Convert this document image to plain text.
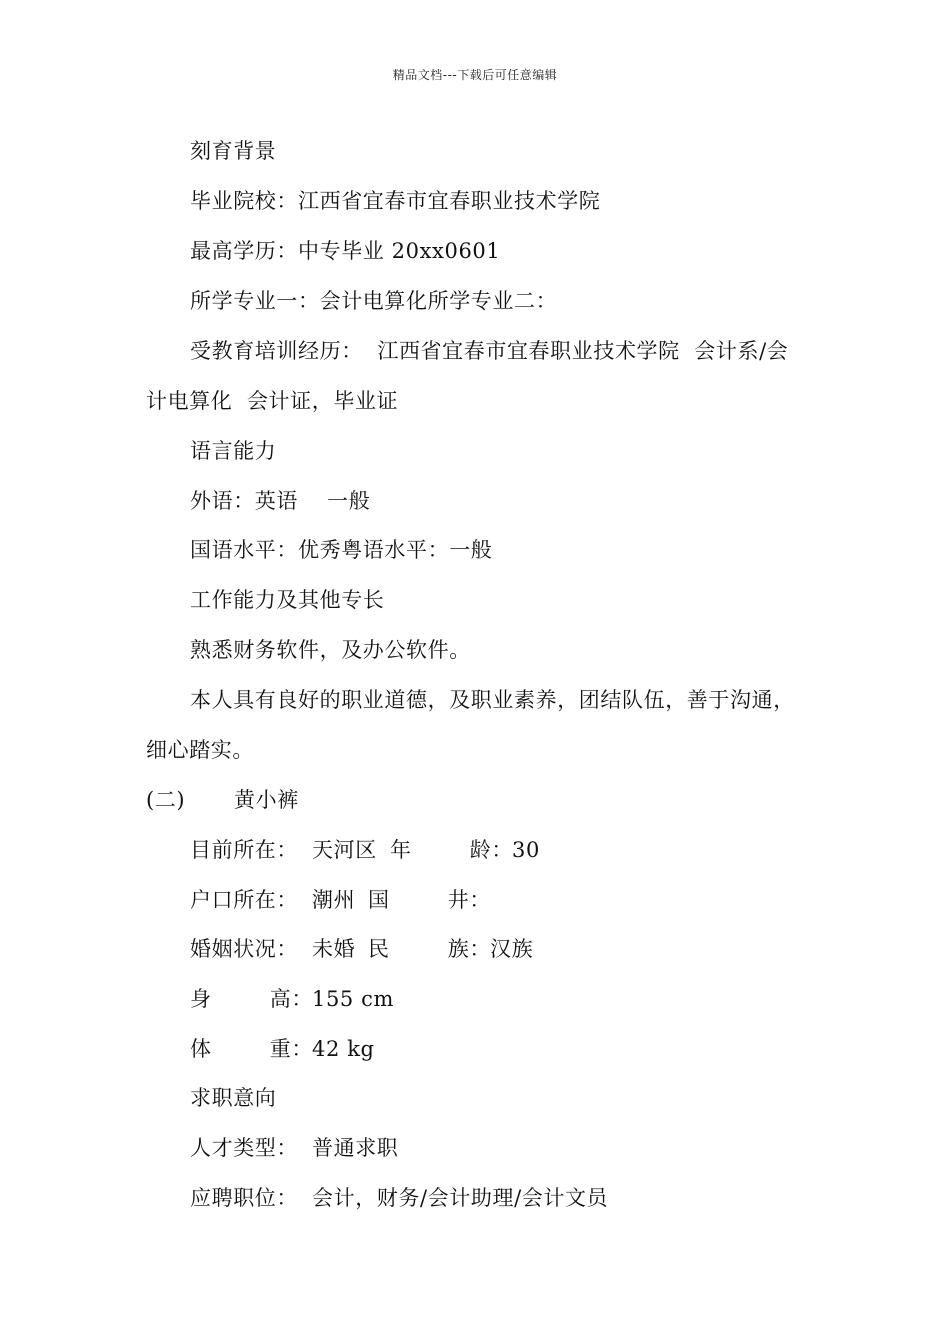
精品文档---下载后可任意编辑
刻育背景
毕业院校：江西省宜春市宜春职业技术学院
最高学历：中专毕业 20xx0601
所学专业一：会计电算化所学专业二：
受教育培训经历：  江西省宜春市宜春职业技术学院  会计系/会
计电算化  会计证，毕业证
语言能力
外语：英语    一般
国语水平：优秀粤语水平：一般
工作能力及其他专长
熟悉财务软件，及办公软件。
本人具有良好的职业道德，及职业素养，团结队伍，善于沟通，
细心踏实。
(二) 黄小裤
目前所在： 天河区 年        龄：
30
户口所在： 潮州 国        井：
婚姻状况： 未婚 民        族：
汉族
身        高：
155 cm
体        重：
42 kg
求职意向
人才类型： 普通求职
应聘职位： 会计，财务/会计助理/会计文员
